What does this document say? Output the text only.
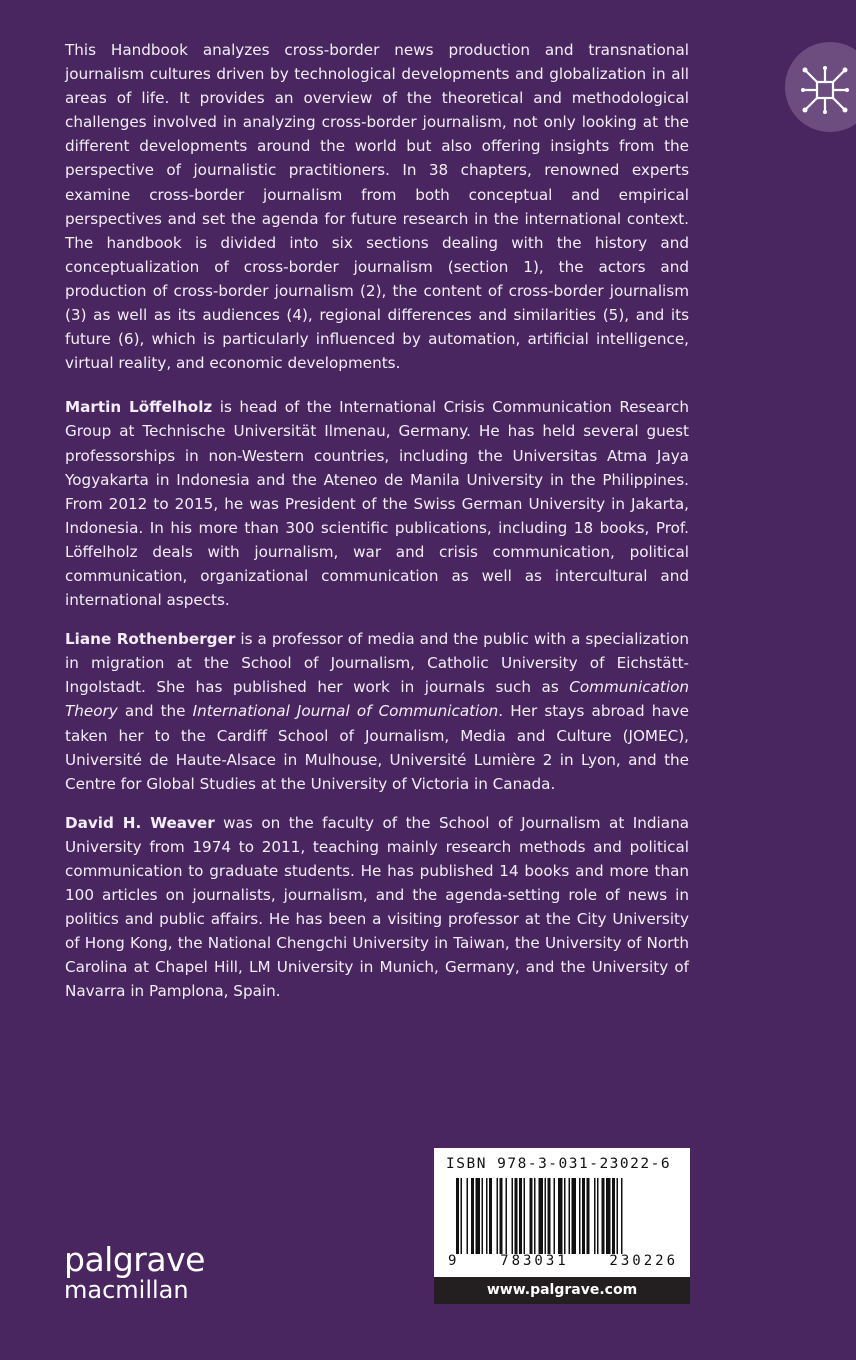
This Handbook analyzes cross-border news production and transnational journalism cultures driven by technological developments and globalization in all areas of life. It provides an overview of the theoretical and methodological challenges involved in analyzing cross-border journalism, not only looking at the different developments around the world but also offering insights from the perspective of journalistic practitioners. In 38 chapters, renowned experts examine cross-border journalism from both conceptual and empirical perspectives and set the agenda for future research in the international context. The handbook is divided into six sections dealing with the history and conceptualization of cross-border journalism (section 1), the actors and production of cross-border journalism (2), the content of cross-border journalism (3) as well as its audiences (4), regional differences and similarities (5), and its future (6), which is particularly influenced by automation, artificial intelligence, virtual reality, and economic developments.

Martin Löffelholz is head of the International Crisis Communication Research Group at Technische Universität Ilmenau, Germany. He has held several guest professorships in non-Western countries, including the Universitas Atma Jaya Yogyakarta in Indonesia and the Ateneo de Manila University in the Philippines. From 2012 to 2015, he was President of the Swiss German University in Jakarta, Indonesia. In his more than 300 scientific publications, including 18 books, Prof. Löffelholz deals with journalism, war and crisis communication, political communication, organizational communication as well as intercultural and international aspects.

Liane Rothenberger is a professor of media and the public with a specialization in migration at the School of Journalism, Catholic University of Eichstätt-Ingolstadt. She has published her work in journals such as Communication Theory and the International Journal of Communication. Her stays abroad have taken her to the Cardiff School of Journalism, Media and Culture (JOMEC), Université de Haute-Alsace in Mulhouse, Université Lumière 2 in Lyon, and the Centre for Global Studies at the University of Victoria in Canada.

David H. Weaver was on the faculty of the School of Journalism at Indiana University from 1974 to 2011, teaching mainly research methods and political communication to graduate students. He has published 14 books and more than 100 articles on journalists, journalism, and the agenda-setting role of news in politics and public affairs. He has been a visiting professor at the City University of Hong Kong, the National Chengchi University in Taiwan, the University of North Carolina at Chapel Hill, LM University in Munich, Germany, and the University of Navarra in Pamplona, Spain.

palgrave
macmillan
ISBN 978-3-031-23022-6
9	783031	230226
www.palgrave.com
